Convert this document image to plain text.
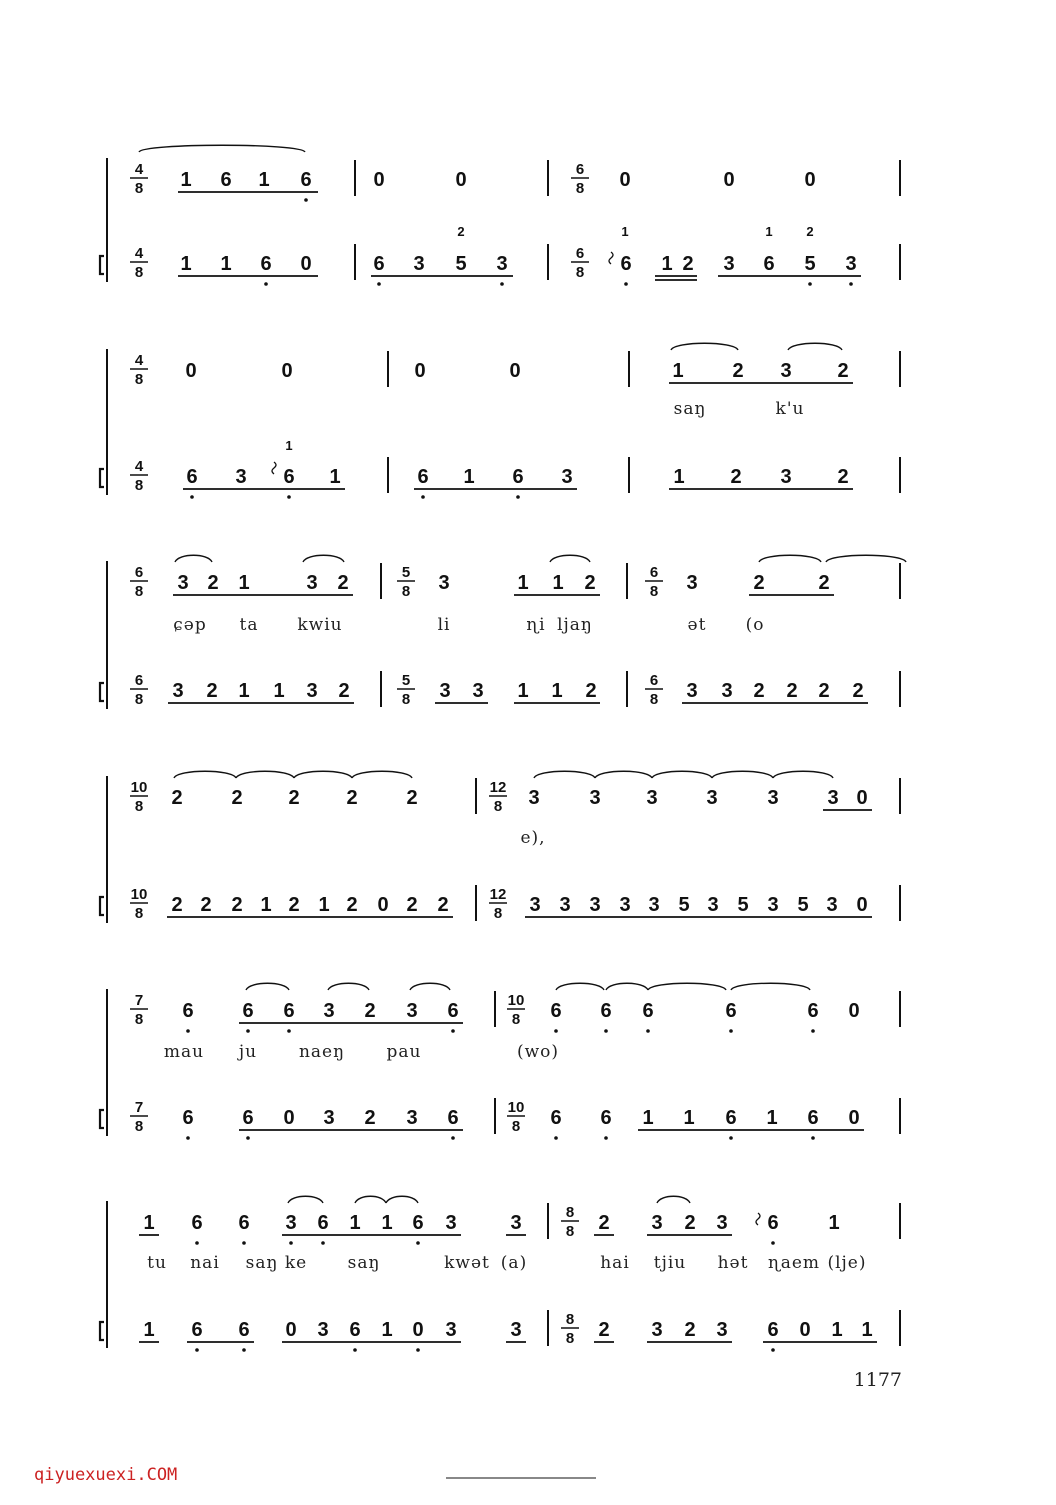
4
8
6
8
1 6 1 6	0	0	0	0	0
4
8
6
8
1 1 6 0	6 3 5 3	6 1 2 3 6 5 3
2	1	1	2
4
8 0	0	0	0	1 2 3 2
saŋ	k'u
4
8 6 3 6 1	6 1 6 3	1 2 3 2
1
6
8
5
8
6
8
3 2 1	3 2	3	1 1 2	3	2	2
ɕəp ta kwiu	li	ɳi ljaŋ	ət (o
6
8
5
8
6
8
3 2 1 1 3 2	3 3 1 1 2	3 3 2 2 2 2
10
8
12
8
2 2 2 2 2	3 3 3 3 3 3 0
e),
10
8
12
8
2 2 2 1 2 1 2 0 2 2	3 3 3 3 3 5 3 5 3 5 3 0
7
8
10
8
6 6 6 3 2 3 6	6 6 6	6	6 0
mau ju naeŋ pau	(wo)
7
8
10
8
6 6 0 3 2 3 6	6 6 1 1 6 1 6 0
8
8
1 6 6 3 6 1 1 6 3	3	2 3 2 3 6 1
tu nai saŋ ke saŋ	kwət (a)	hai tjiu hət ɳaem (lje)
8
8
1 6 6 0 3 6 1 0 3	3	2 3 2 3 6 0 1 1
1177
qiyuexuexi.COM
